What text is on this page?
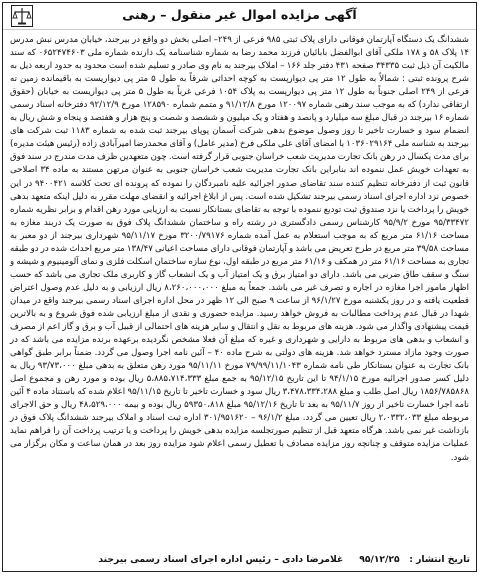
آگهی مزایده اموال غیر منقول – رهنی
ششدانگ یک دستگاه آپارتمان فوقانی دارای پلاک ثبتی ۹۸۵ فرعی از ۲۴۹– اصلی بخش دو واقع در بیرجند، خیابان مدرس نبش مدرس ۱۴ پلاک ۵۸ و ۱۷۸ ملکی آقای ابوالفضل بابائیان فرزند محمد رضا به شماره شناسنامه یک دارنده شماره ملی ۰۶۵۲۴۷۴۶۰۳ که سند مالکیت آن ذیل ثبت ۳۴۳۳۵ صفحه ۴۳۱ دفتر جلد ۱۶۶ – املاک بیرجند به نام وی صادر و تسلیم شده است محدود به حدود اربعه ذیل به شرح پرونده ثبتی : شمالاً به طول ۱۲ متر پی دیوارپست به کوچه احداثی شرقاً به طول ۵ متر پی دیواریست به باقیمانده زمین ته فرعی از ۲۴۹ اصلی جنوباً به طول ۱۲ متر پی دیوارپست به پلاک ۱۰۵۴ فرعی غرباً به طول ۵ متر پی دیواریست به خیابان (حقوق ارتفاقی ندارد) که به موجب سند رهنی شماره ۱۲۰۰۹۷ مورخ ۹۱/۱۲/۸ و متمم شماره ۱۲۸۵۹۰ مورخ ۹۲/۱۲/۹ دفترخانه اسناد رسمی شماره ۱۶ بیرجند در قبال مبلغ سه میلیارد و پانصد و هفتاد و یک میلیون و ششصد و شصت و پنج هزار و هفتصد و پنجاه و شش ریال به انضمام سود و خسارت تاخیر تا روز وصول موضوع بدهی شرکت آسمان پوپای بیرجند ثبت شده به شماره ۱۱۸۳ ثبت شرکت های بیرجند به شناسه ملی ۱۰۳۶۰۲۹۱۶۴ با امضای آقای علی ملکی فرخ (مدیر عامل) و آقای محمدرضا امیرآبادی زاده (رئیس هیئت مدیره) برای مدت یکسال در رهن بانک تجارت مدیریت شعب خراسان جنوبی قرار گرفته است. چون متعهدین ظرف مدت مندرج در سند فوق به تعهدات خویش عمل ننموده اند بنابراین بانک تجارت مدیریت شعب خراسان جنوبی به عنوان مرتهن مستند به ماده ۳۴ اصلاحی قانون ثبت از دفترخانه تنظیم کننده سند تقاضای صدور اجرائیه علیه نامبردگان را نموده که پرونده ای تحت کلاسه ۹۴۰۰۴۲۱ در این خصوص نزد اداره اجرای اسناد رسمی بیرجند تشکیل شده است. پس از ابلاغ اجرائیه و انقضای مهلت مقرر به دلیل اینکه متعهد بدهی خویش را پرداخت یا نزد صندوق ثبت تودیع ننموده با توجه به تقاضای بستانکار نسبت به ارزیابی مورد رهن اقدام و برابر نظریه شماره ۹۵/۳۳۴۷۲ مورخ ۹۵/۹/۲ کارشناس رسمی دادگستری در رشته راه و ساختمان ششدانگ پلاک فوق به صورت یک دربند مغازه به مساحت ۶۱/۱۶ متر مربع که به موجب استعلام به عمل آمده شماره ۳۲۰۰/۷۹۱۷۶ مورخ ۹۵/۱۱/۱۷ شهرداری بیرجند از دو معبر به مساحت ۳۹/۵۸ متر مربع در طرح تعریض می باشد و آپارتمان فوقانی دارای مساحت اعیانی ۱۳۸/۴۷ متر مربع احداث شده در دو طبقه تجاری به مساحت ۶۱/۱۶ متر در همکف و ۶۱/۱۶ متر مربع در طبقه اول، نوع سازه ساختمان اسکلت فلزی و نمای آلومینیوم و شیشه و سنگ و سقف طاق ضربی می باشد. دارای دو امتیاز برق و یک امتیاز آب و یک انشعاب گاز و کاربری ملک تجاری می باشد که حسب اظهار مامور اجرا مغازه در اجاره و تصرف غیر می باشد. جمعاً به مبلغ ۸،۲۶۰،۰۰۰،۰۰۰ ریال ارزیابی و به دلیل عدم وصول اعتراض قطعیت یافته و در روز یکشنبه مورخ ۹۶/۱/۲۷ از ساعت ۹ صبح الی ۱۲ ظهر در محل اداره اجرای اسناد رسمی بیرجند واقع در میدان شهدا در قبال عدم پرداخت مطالبات به فروش خواهد رسید. مزایده حضوری و نقدی از مبلغ ارزیابی شده فوق شروع و به بالاترین قیمت پیشنهادی واگذار می شود. هزینه های مربوط به نقل و انتقال و سایر هزینه های احتمالی از قبیل آب و برق و گاز اعم از مصرف و انشعاب و بدهی های مربوط به دارایی و شهرداری و غیره که مبلغ آن فعلا مشخص نگردیده برعهده برنده مزایده می باشد که در صورت وجود مازاد مسترد خواهد شد. هزینه های دولتی به شرح ماده ۴۰ – آئین نامه اجرا وصول می گردد. ضمناً برابر طبق گواهی بانک تجارت به عنوان بستانکار طی نامه شماره ۷۹/۹۹/۱۱/۱۰۴۳ مورخ ۹۵/۱۱/۱۱ مورد رهن متعلق به بدهی مبلغ ۹۳/۷۳،۰۰۰ ریال به دلیل کسر صدور اجرائیه مورخ ۹۴/۱/۱۵ تا این تاریخ ۹۵/۱۲/۱۵ به جمع مبلغ ۵،۸۸۵،۷۱۴،۳۳۳ ریال بوده و مورد رهن و مجموع اصل ۱۸۵۶/۷۸۵۸۶۸ ریال اصل طلب و مبلغ ۳،۴۷۸،۳۳۴،۲۸۸ ریال سود و خسارت تاخیر تا تاریخ ۹۵/۱۱/۱۵ اعلام شده که باستناد ماده ۴ آئین نامه اجرا خسارت تاخیر از روز ۹۵/۱۱/۷ به بعد تا تاریخ ۹۵/۱۲/۱۶ مبلغ ۵۹۳۵۰،۸۱۸ ریال بوده و بیمه ۴۸،۵۲۹،۰۰۰ ریال و حق الاجرای مربوطه مبلغ ۲،۰۳۳۲،۰۳۳ ریال تعیین می گردد. مبلغ ۹۶/۱/۲ – ۳۰۱/۹۵۱۶۲۰ اداره ثبت اسناد و املاک بیرجند ششدانگ پلاک فوق در بازداشت غیر نمی باشد. هرگاه متعهد قبل از تنظیم صورتجلسه مزایده بدهی خویش را پرداخت و یا ترتیب پرداخت آن را فراهم نماید عملیات مزایده متوقف و چنانچه روز مزایده مصادف با تعطیل رسمی اعلام شود مزایده روز بعد در همان ساعت و مکان برگزار می شود.
تاریخ انتشار :   ۹۵/۱۲/۲۵     غلامرضا دادی – رئیس اداره اجرای اسناد رسمی بیرجند
